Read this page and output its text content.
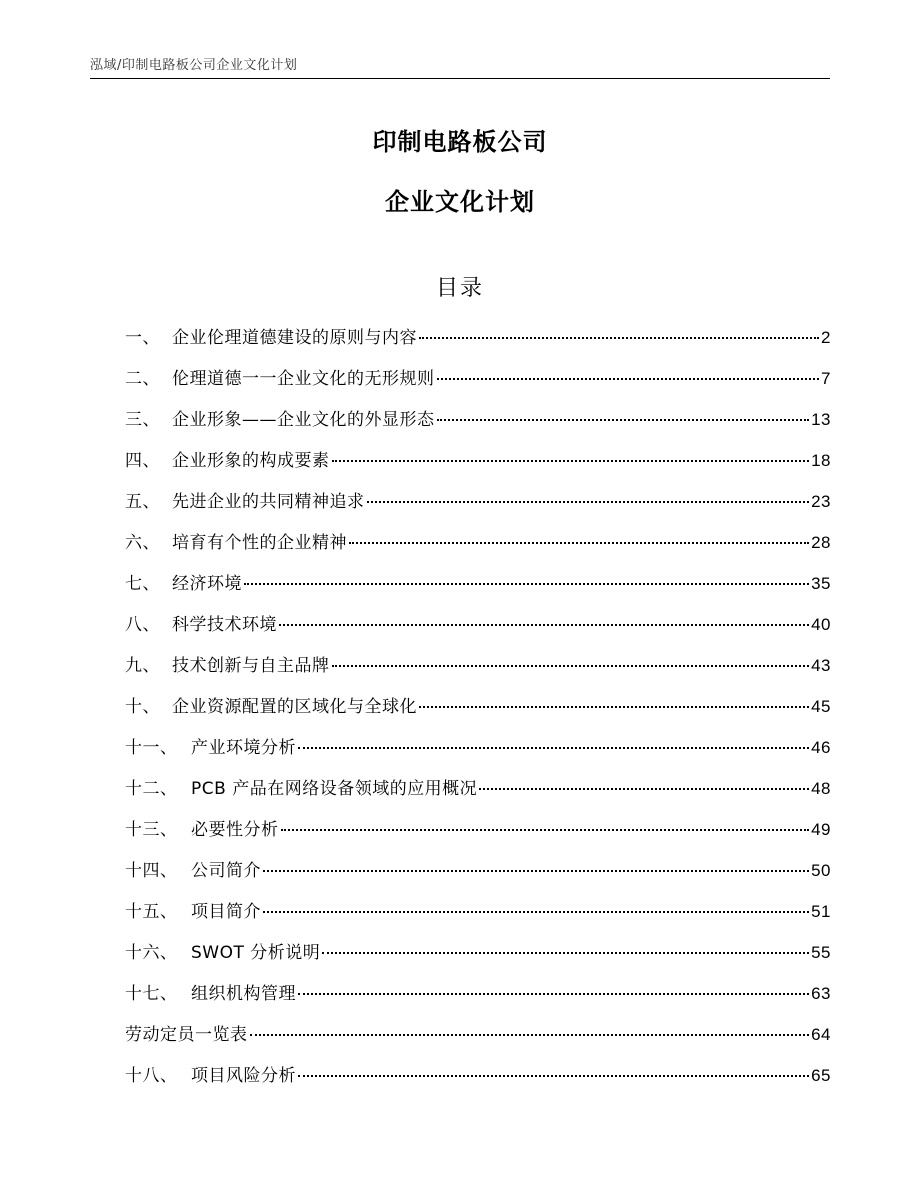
泓域/印制电路板公司企业文化计划
印制电路板公司
企业文化计划
目录
一、 企业伦理道德建设的原则与内容	2
二、 伦理道德一一企业文化的无形规则	7
三、 企业形象——企业文化的外显形态	13
四、 企业形象的构成要素	18
五、 先进企业的共同精神追求	23
六、 培育有个性的企业精神	28
七、 经济环境	35
八、 科学技术环境	40
九、 技术创新与自主品牌	43
十、 企业资源配置的区域化与全球化	45
十一、 产业环境分析	46
十二、 PCB 产品在网络设备领域的应用概况	48
十三、 必要性分析	49
十四、 公司简介	50
十五、 项目简介	51
十六、 SWOT 分析说明	55
十七、 组织机构管理	63
劳动定员一览表	64
十八、 项目风险分析	65
